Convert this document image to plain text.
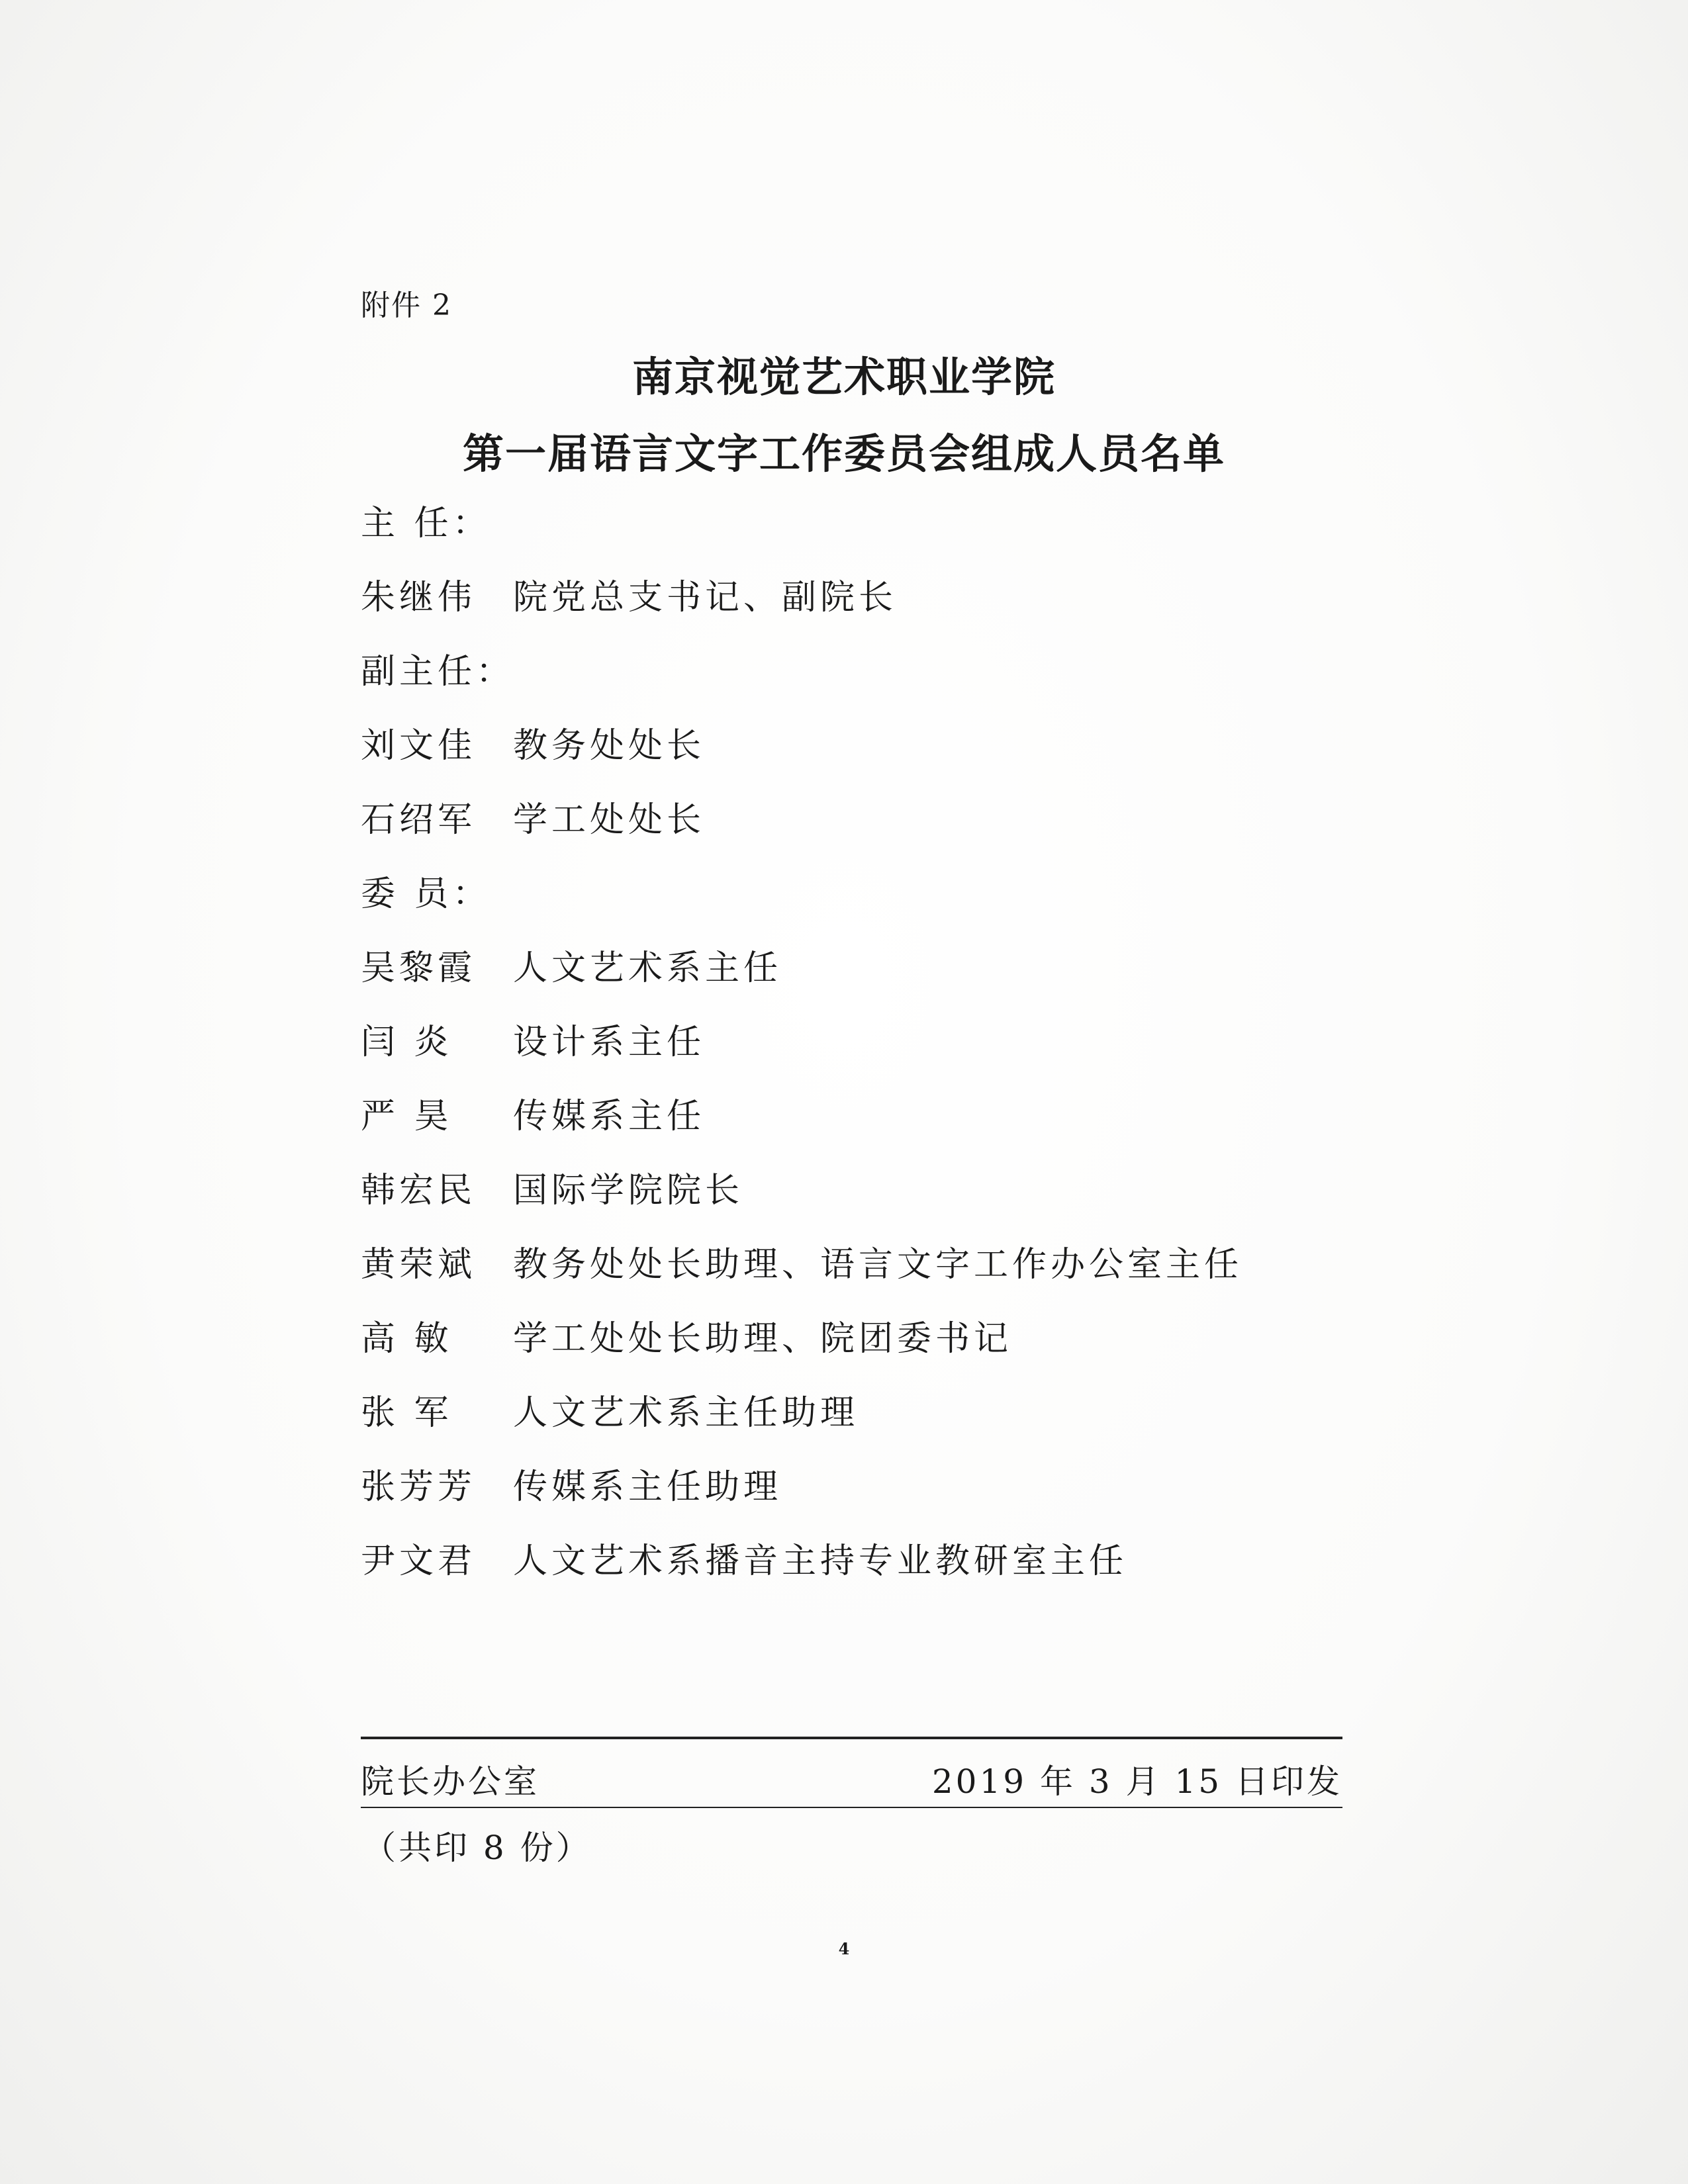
附件 2
南京视觉艺术职业学院
第一届语言文字工作委员会组成人员名单
主 任：
朱继伟 院党总支书记、副院长
副主任：
刘文佳 教务处处长
石绍军 学工处处长
委 员：
吴黎霞 人文艺术系主任
闫 炎 设计系主任
严 昊 传媒系主任
韩宏民 国际学院院长
黄荣斌 教务处处长助理、语言文字工作办公室主任
高 敏 学工处处长助理、院团委书记
张 军 人文艺术系主任助理
张芳芳 传媒系主任助理
尹文君 人文艺术系播音主持专业教研室主任
院长办公室	2019 年 3 月 15 日印发
（共印 8 份）
4
